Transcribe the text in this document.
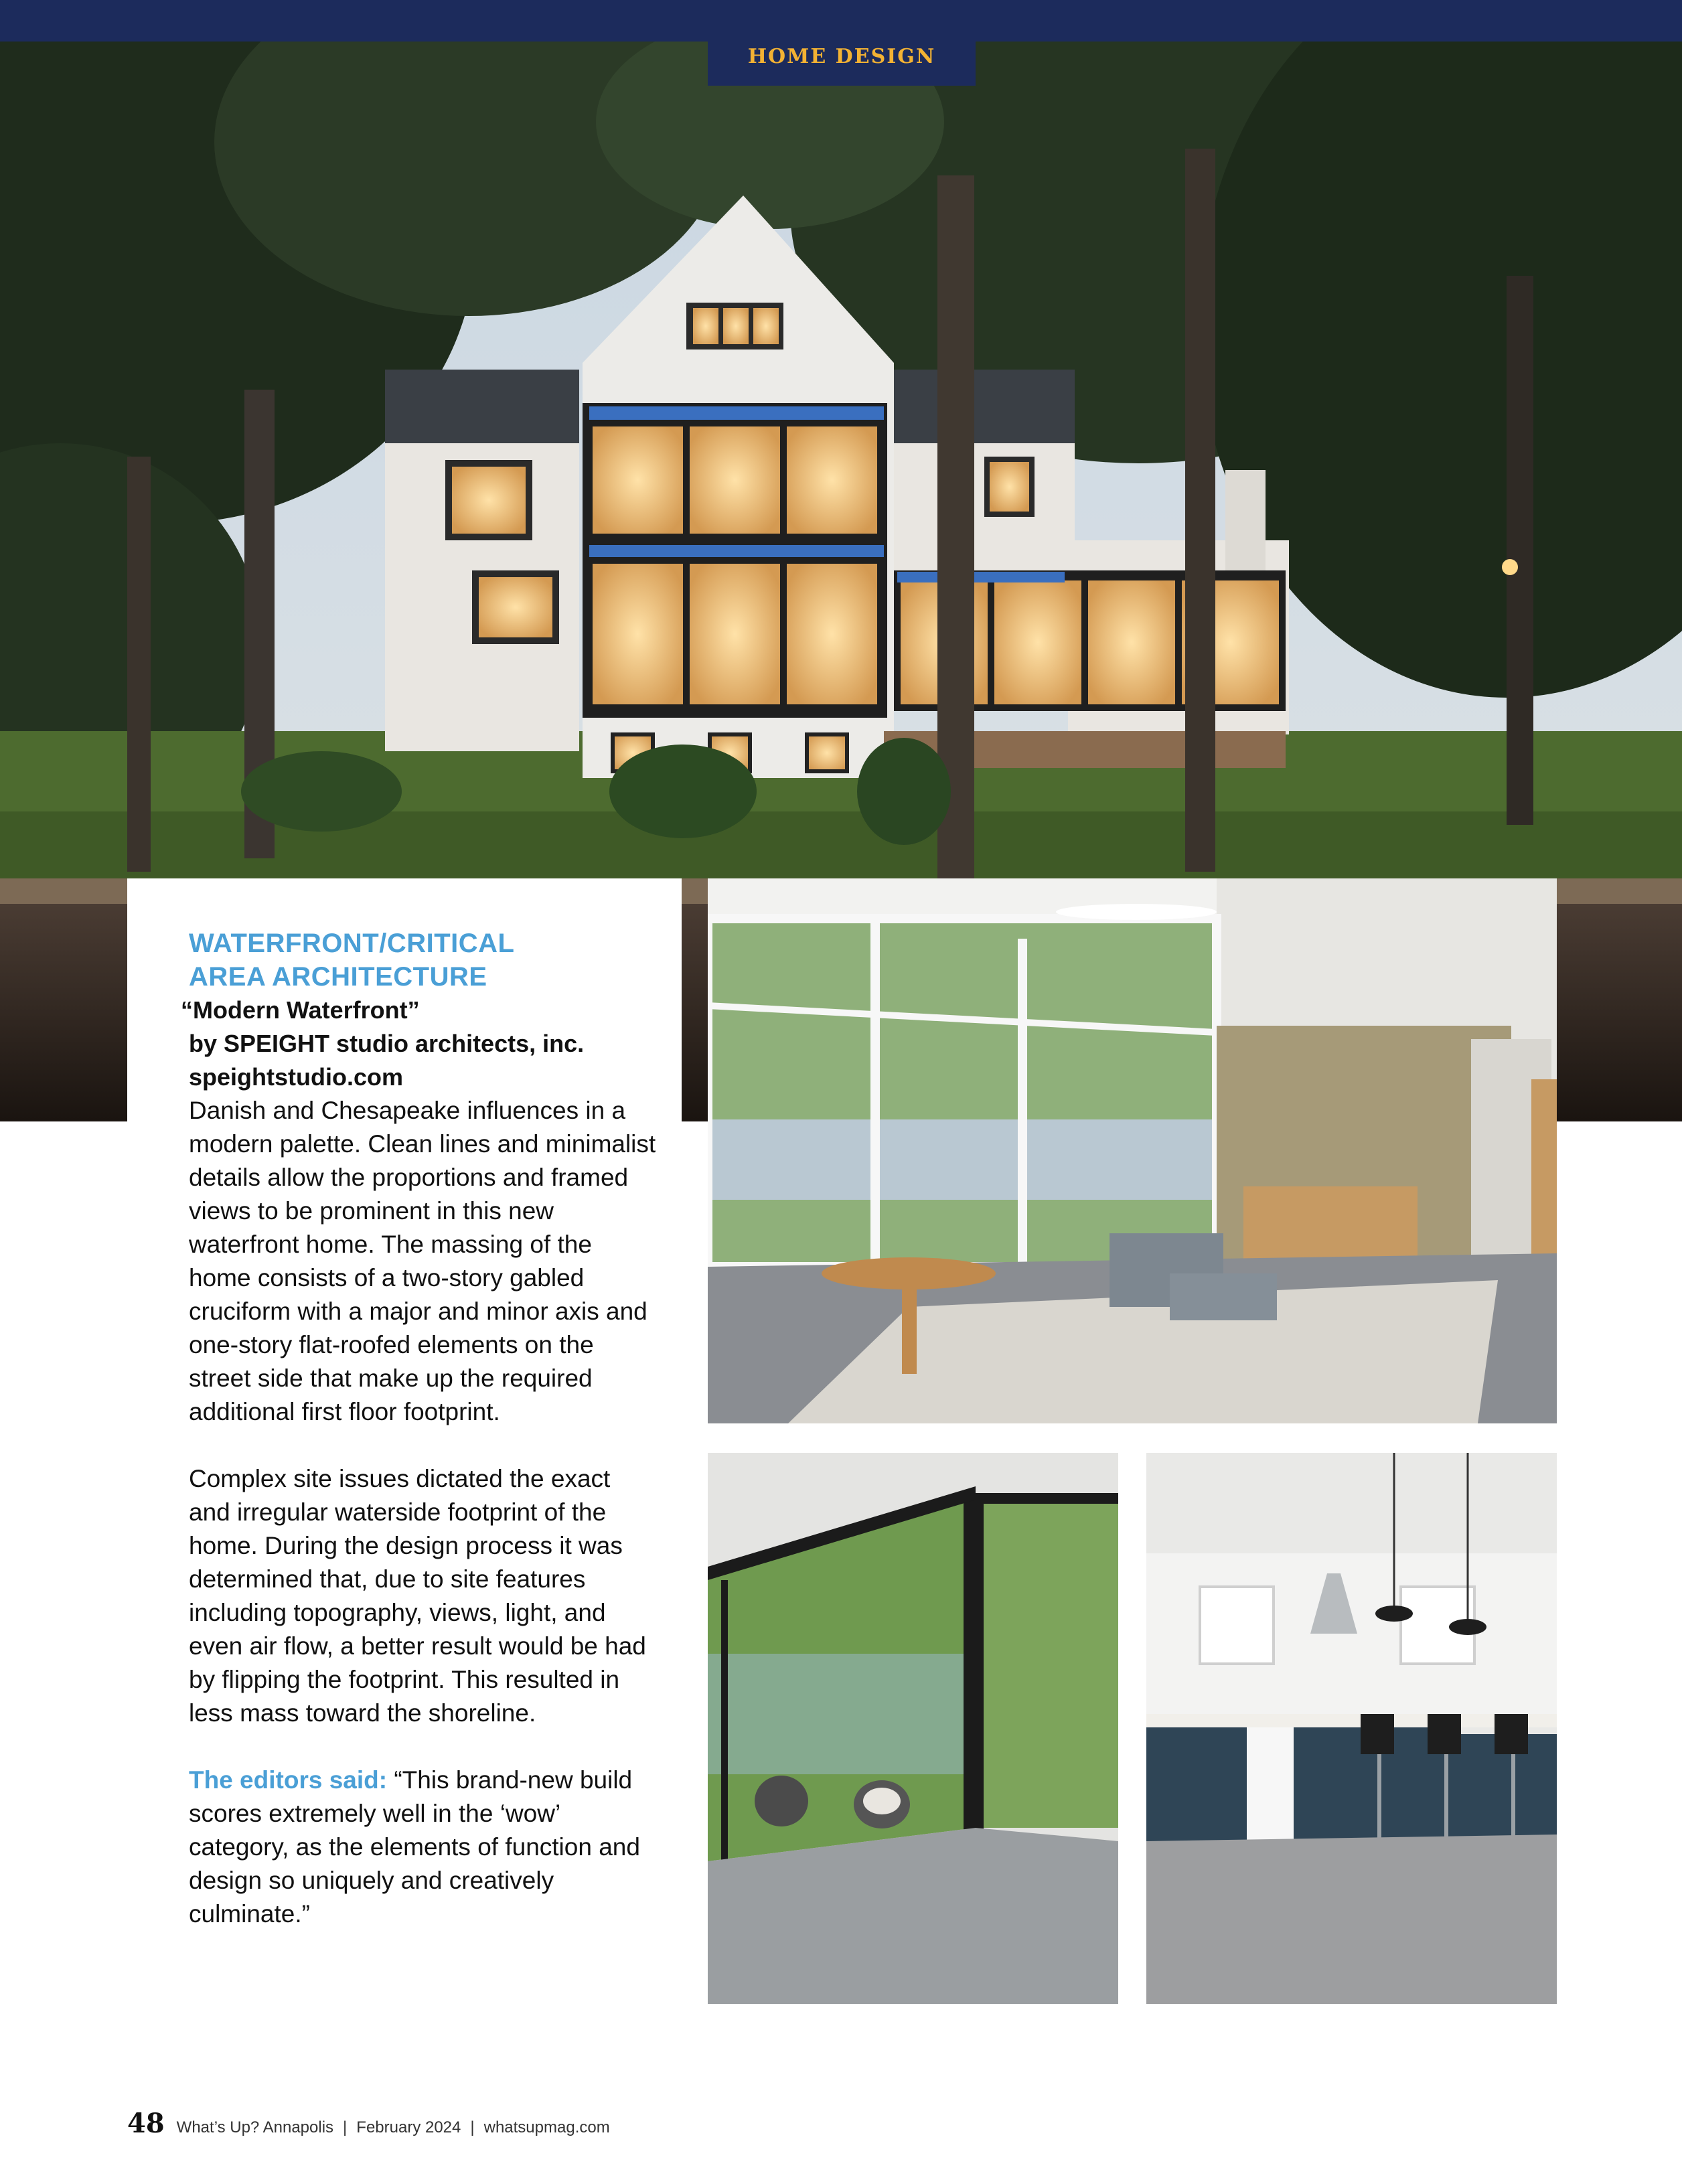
HOME DESIGN
WATERFRONT/CRITICAL
AREA ARCHITECTURE
“Modern Waterfront”
by SPEIGHT studio architects, inc.
speightstudio.com

Danish and Chesapeake influences in a modern palette. Clean lines and minimalist details allow the proportions and framed views to be prominent in this new waterfront home. The massing of the home consists of a two-story gabled cruciform with a major and minor axis and one-story flat-roofed elements on the street side that make up the required additional first floor footprint.

Complex site issues dictated the exact and irregular waterside footprint of the home. During the design process it was determined that, due to site features including topography, views, light, and even air flow, a better result would be had by flipping the footprint. This resulted in less mass toward the shoreline.

The editors said: “This brand-new build scores extremely well in the ‘wow’ category, as the elements of function and design so uniquely and creatively culminate.”

48 What’s Up? Annapolis | February 2024 | whatsupmag.com
